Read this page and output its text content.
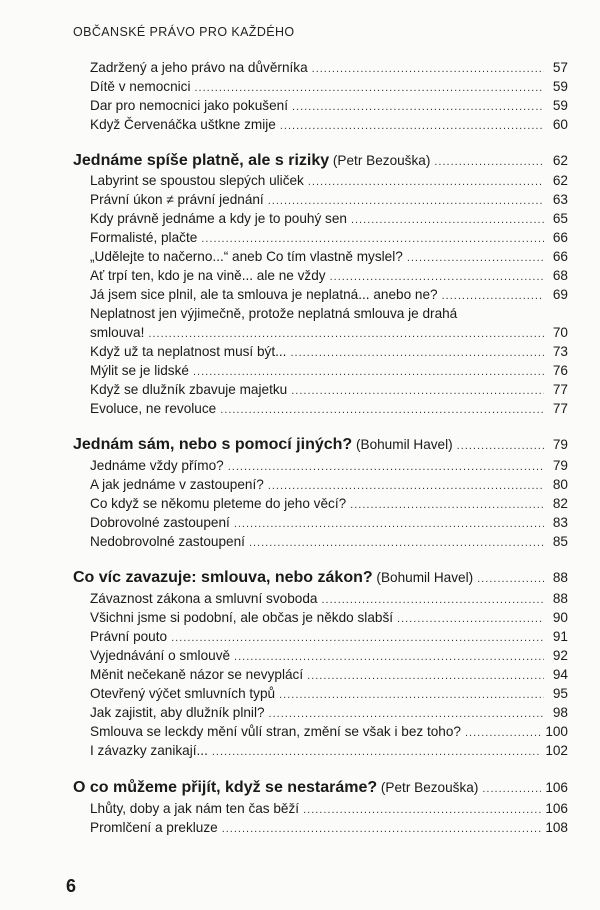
OBČANSKÉ PRÁVO PRO KAŽDÉHO
Zadržený a jeho právo na důvěrníka .....	57
Dítě v nemocnici .....	59
Dar pro nemocnici jako pokušení .....	59
Když Červenáčka uštkne zmije .....	60
Jednáme spíše platně, ale s riziky (Petr Bezouška) .....	62
Labyrint se spoustou slepých uliček .....	62
Právní úkon ≠ právní jednání .....	63
Kdy právně jednáme a kdy je to pouhý sen .....	65
Formalisté, plačte .....	66
„Udělejte to načerno...“ aneb Co tím vlastně myslel? .....	66
Ať trpí ten, kdo je na vině... ale ne vždy .....	68
Já jsem sice plnil, ale ta smlouva je neplatná... anebo ne? .....	69
Neplatnost jen výjimečně, protože neplatná smlouva je drahá
smlouva! .....	70
Když už ta neplatnost musí být... .....	73
Mýlit se je lidské .....	76
Když se dlužník zbavuje majetku .....	77
Evoluce, ne revoluce .....	77
Jednám sám, nebo s pomocí jiných? (Bohumil Havel) .....	79
Jednáme vždy přímo? .....	79
A jak jednáme v zastoupení? .....	80
Co když se někomu pleteme do jeho věcí? .....	82
Dobrovolné zastoupení .....	83
Nedobrovolné zastoupení .....	85
Co víc zavazuje: smlouva, nebo zákon? (Bohumil Havel) .....	88
Závaznost zákona a smluvní svoboda .....	88
Všichni jsme si podobní, ale občas je někdo slabší .....	90
Právní pouto .....	91
Vyjednávání o smlouvě .....	92
Měnit nečekaně názor se nevyplácí .....	94
Otevřený výčet smluvních typů .....	95
Jak zajistit, aby dlužník plnil? .....	98
Smlouva se leckdy mění vůlí stran, změní se však i bez toho? .....	100
I závazky zanikají... .....	102
O co můžeme přijít, když se nestaráme? (Petr Bezouška) .....	106
Lhůty, doby a jak nám ten čas běží .....	106
Promlčení a prekluze .....	108
6
